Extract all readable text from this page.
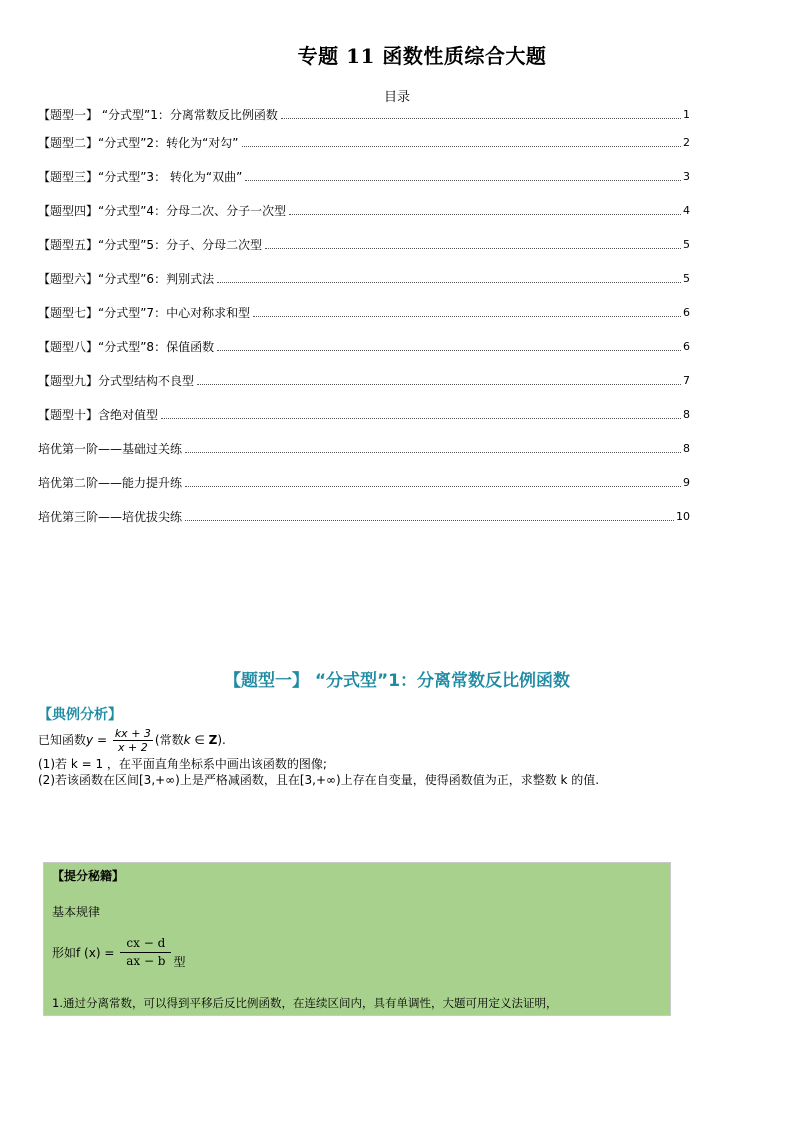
专题 11 函数性质综合大题
目录
【题型一】 “分式型”1：分离常数反比例函数	1
【题型二】“分式型”2：转化为“对勾”	2
【题型三】“分式型”3： 转化为“双曲”	3
【题型四】“分式型”4：分母二次、分子一次型	4
【题型五】“分式型”5：分子、分母二次型	5
【题型六】“分式型”6：判别式法	5
【题型七】“分式型”7：中心对称求和型	6
【题型八】“分式型”8：保值函数	6
【题型九】分式型结构不良型	7
【题型十】含绝对值型	8
培优第一阶——基础过关练	8
培优第二阶——能力提升练	9
培优第三阶——培优拔尖练	10
【题型一】 “分式型”1：分离常数反比例函数
【典例分析】
已知函数 $y = \frac{kx + 3}{x + 2}$ (常数 k ∈ Z ).
(1)若 k = 1 ，在平面直角坐标系中画出该函数的图像;
(2)若该函数在区间[3,+∞)上是严格减函数，且在[3,+∞)上存在自变量，使得函数值为正，求整数 k 的值.
【提分秘籍】
基本规律
形如f $(x) = \frac{cx - d}{ax - b}$ 型
1.通过分离常数，可以得到平移后反比例函数，在连续区间内，具有单调性，大题可用定义法证明，
